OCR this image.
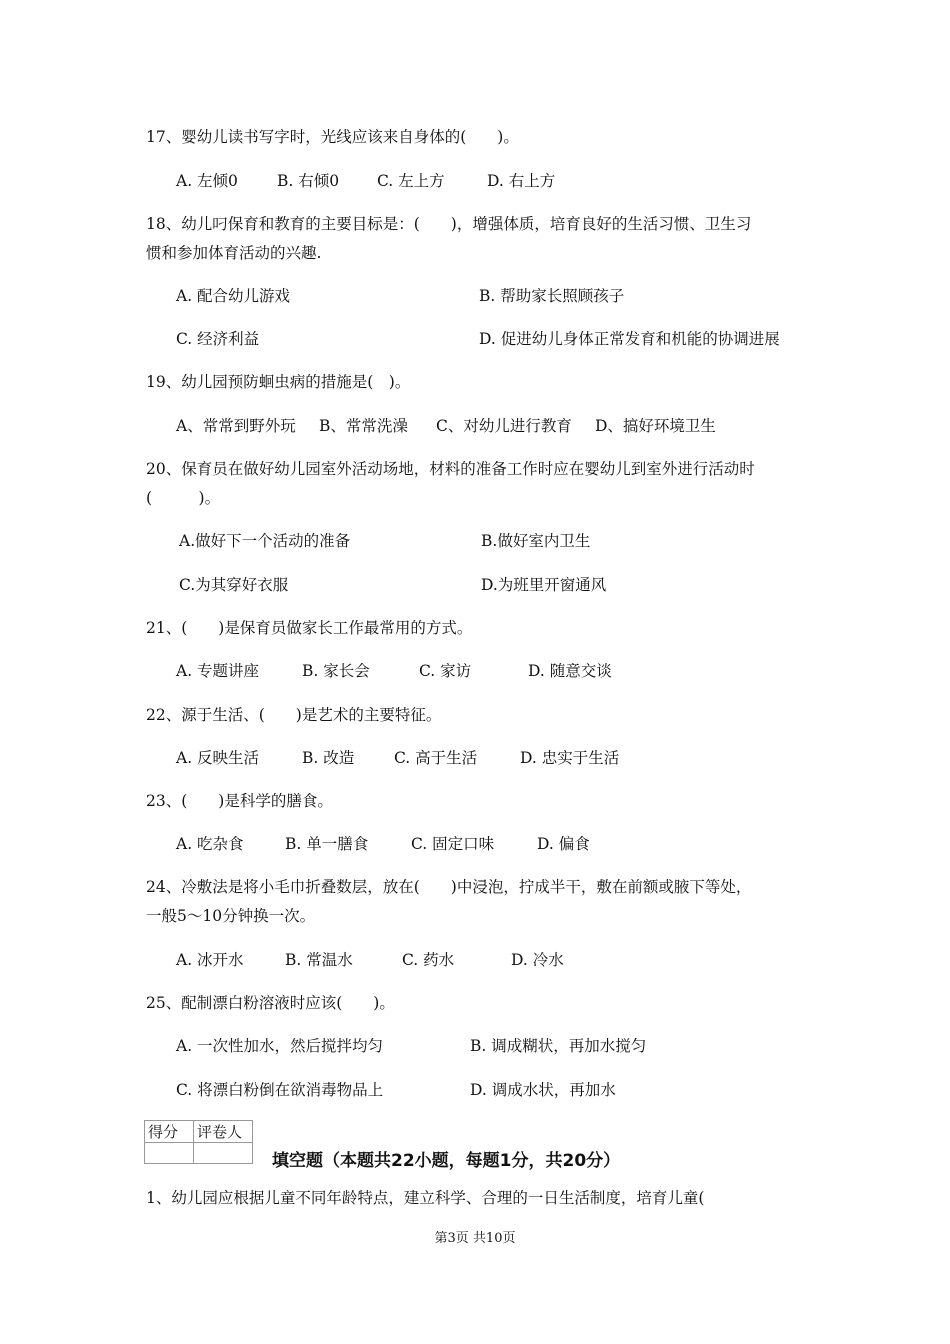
17、婴幼儿读书写字时，光线应该来自身体的(　　)。
A. 左倾0	B. 右倾0 C. 左上方	D. 右上方
18、幼儿叼保育和教育的主要目标是：(　　)，增强体质，培育良好的生活习惯、卫生习
惯和参加体育活动的兴趣.
A. 配合幼儿游戏	B. 帮助家长照顾孩子
C. 经济利益	D. 促进幼儿身体正常发育和机能的协调进展
19、幼儿园预防蛔虫病的措施是(　)。
A、常常到野外玩 B、常常洗澡 C、对幼儿进行教育 D、搞好环境卫生
20、保育员在做好幼儿园室外活动场地，材料的准备工作时应在婴幼儿到室外进行活动时
(　　　)。
A.做好下一个活动的准备	B.做好室内卫生
C.为其穿好衣服	D.为班里开窗通风
21、(　　)是保育员做家长工作最常用的方式。
A. 专题讲座	B. 家长会	C. 家访	D. 随意交谈
22、源于生活、(　　)是艺术的主要特征。
A. 反映生活	B. 改造	C. 高于生活	D. 忠实于生活
23、(　　)是科学的膳食。
A. 吃杂食	B. 单一膳食	C. 固定口味	D. 偏食
24、冷敷法是将小毛巾折叠数层，放在(　　)中浸泡，拧成半干，敷在前额或腋下等处，
一般5～10分钟换一次。
A. 冰开水	B. 常温水	C. 药水	D. 冷水
25、配制漂白粉溶液时应该(　　)。
A. 一次性加水，然后搅拌均匀	B. 调成糊状，再加水搅匀
C. 将漂白粉倒在欲消毒物品上	D. 调成水状，再加水
得分	评卷人

填空题（本题共22小题，每题1分，共20分）
1、幼儿园应根据儿童不同年龄特点，建立科学、合理的一日生活制度，培育儿童(
第3页 共10页
